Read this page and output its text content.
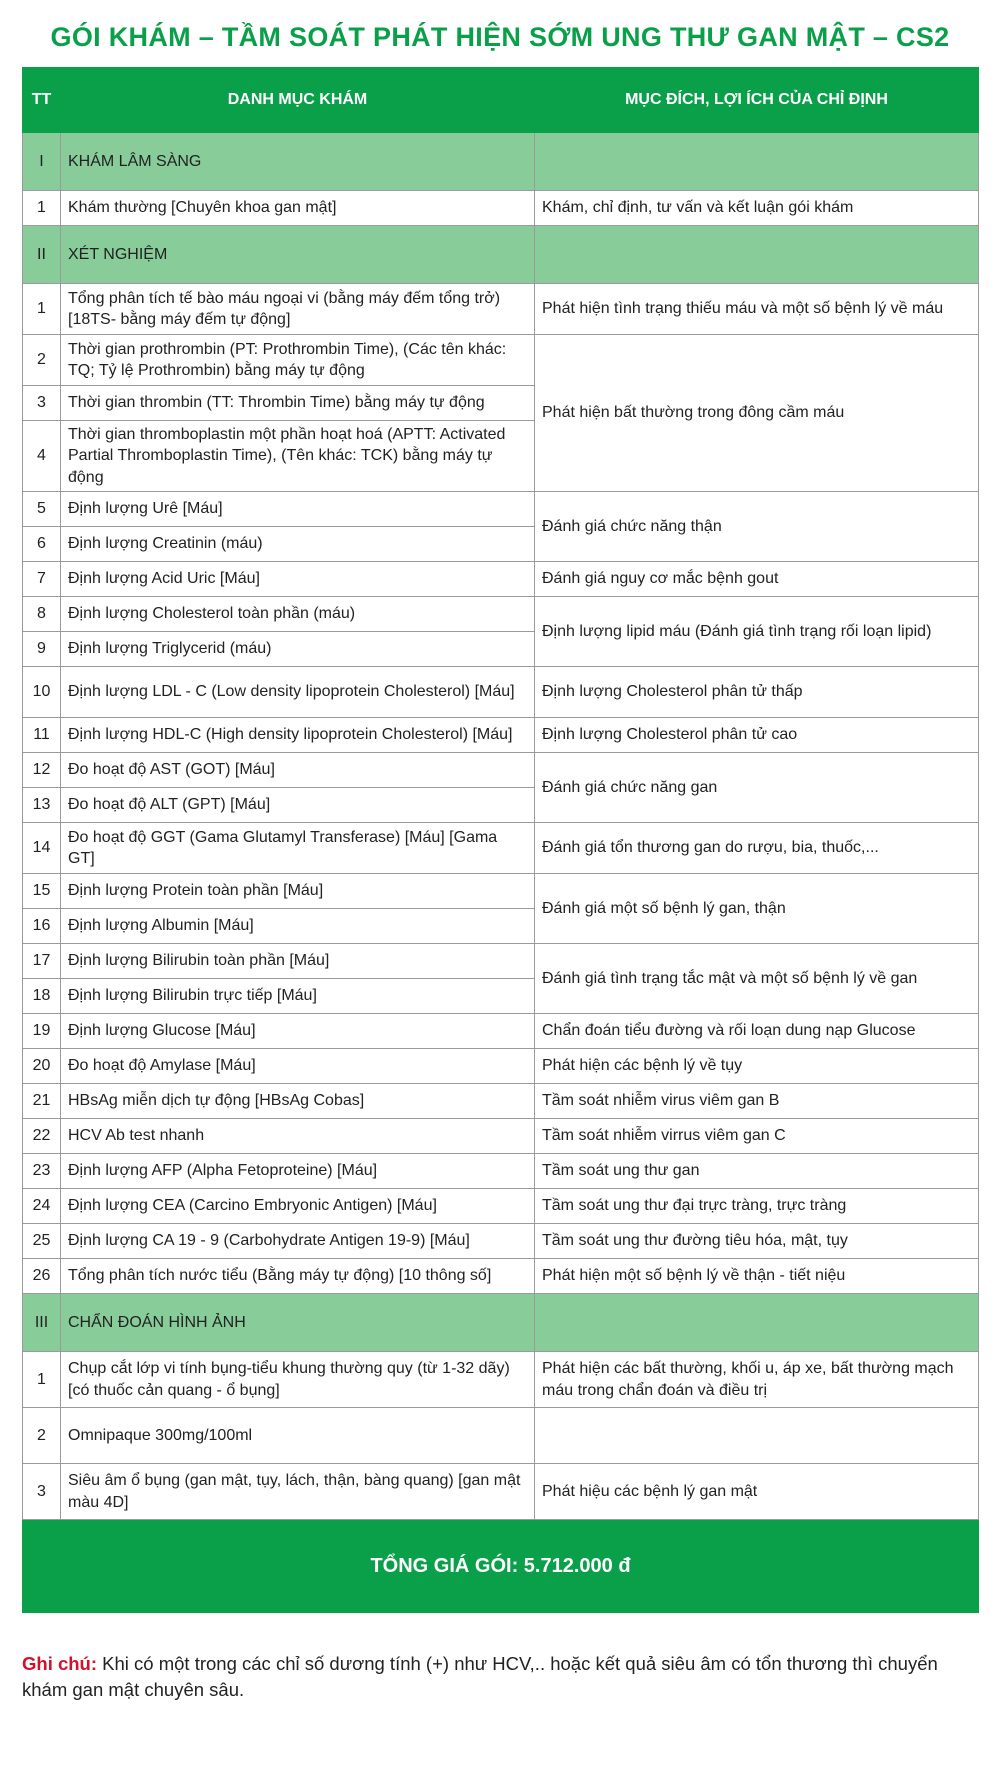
GÓI KHÁM – TẦM SOÁT PHÁT HIỆN SỚM UNG THƯ GAN MẬT – CS2
TT	DANH MỤC KHÁM	MỤC ĐÍCH, LỢI ÍCH CỦA CHỈ ĐỊNH
I	KHÁM LÂM SÀNG	
1	Khám thường [Chuyên khoa gan mật]	Khám, chỉ định, tư vấn và kết luận gói khám
II	XÉT NGHIỆM	
1	Tổng phân tích tế bào máu ngoại vi (bằng máy đếm tổng trở) [18TS- bằng máy đếm tự động]	Phát hiện tình trạng thiếu máu và một số bệnh lý về máu
2	Thời gian prothrombin (PT: Prothrombin Time), (Các tên khác: TQ; Tỷ lệ Prothrombin) bằng máy tự động	Phát hiện bất thường trong đông cầm máu
3	Thời gian thrombin (TT: Thrombin Time) bằng máy tự động	
4	Thời gian thromboplastin một phần hoạt hoá (APTT: Activated Partial Thromboplastin Time), (Tên khác: TCK) bằng máy tự động	
5	Định lượng Urê [Máu]	Đánh giá chức năng thận
6	Định lượng Creatinin (máu)	
7	Định lượng Acid Uric [Máu]	Đánh giá nguy cơ mắc bệnh gout
8	Định lượng Cholesterol toàn phần (máu)	Định lượng lipid máu (Đánh giá tình trạng rối loạn lipid)
9	Định lượng Triglycerid (máu)	
10	Định lượng LDL - C (Low density lipoprotein Cholesterol) [Máu]	Định lượng Cholesterol phân tử thấp
11	Định lượng HDL-C (High density lipoprotein Cholesterol) [Máu]	Định lượng Cholesterol phân tử cao
12	Đo hoạt độ AST (GOT) [Máu]	Đánh giá chức năng gan
13	Đo hoạt độ ALT (GPT) [Máu]	
14	Đo hoạt độ GGT (Gama Glutamyl Transferase) [Máu] [Gama GT]	Đánh giá tổn thương gan do rượu, bia, thuốc,...
15	Định lượng Protein toàn phần [Máu]	Đánh giá một số bệnh lý gan, thận
16	Định lượng Albumin [Máu]	
17	Định lượng Bilirubin toàn phần [Máu]	Đánh giá tình trạng tắc mật và một số bệnh lý về gan
18	Định lượng Bilirubin trực tiếp [Máu]	
19	Định lượng Glucose [Máu]	Chẩn đoán tiểu đường và rối loạn dung nạp Glucose
20	Đo hoạt độ Amylase [Máu]	Phát hiện các bệnh lý về tụy
21	HBsAg miễn dịch tự động [HBsAg Cobas]	Tầm soát nhiễm virus viêm gan B
22	HCV Ab test nhanh	Tầm soát nhiễm virrus viêm gan C
23	Định lượng AFP (Alpha Fetoproteine) [Máu]	Tầm soát ung thư gan
24	Định lượng CEA (Carcino Embryonic Antigen) [Máu]	Tầm soát ung thư đại trực tràng, trực tràng
25	Định lượng CA 19 - 9 (Carbohydrate Antigen 19-9) [Máu]	Tầm soát ung thư đường tiêu hóa, mật, tụy
26	Tổng phân tích nước tiểu (Bằng máy tự động) [10 thông số]	Phát hiện một số bệnh lý về thận - tiết niệu
III	CHẨN ĐOÁN HÌNH ẢNH	
1	Chụp cắt lớp vi tính bụng-tiểu khung thường quy (từ 1-32 dãy) [có thuốc cản quang - ổ bụng]	Phát hiện các bất thường, khối u, áp xe, bất thường mạch máu trong chẩn đoán và điều trị
2	Omnipaque 300mg/100ml	
3	Siêu âm ổ bụng (gan mật, tụy, lách, thận, bàng quang) [gan mật màu 4D]	Phát hiệu các bệnh lý gan mật
TỔNG GIÁ GÓI: 5.712.000 đ		
Ghi chú: Khi có một trong các chỉ số dương tính (+) như HCV,.. hoặc kết quả siêu âm có tổn thương thì chuyển khám gan mật chuyên sâu.
